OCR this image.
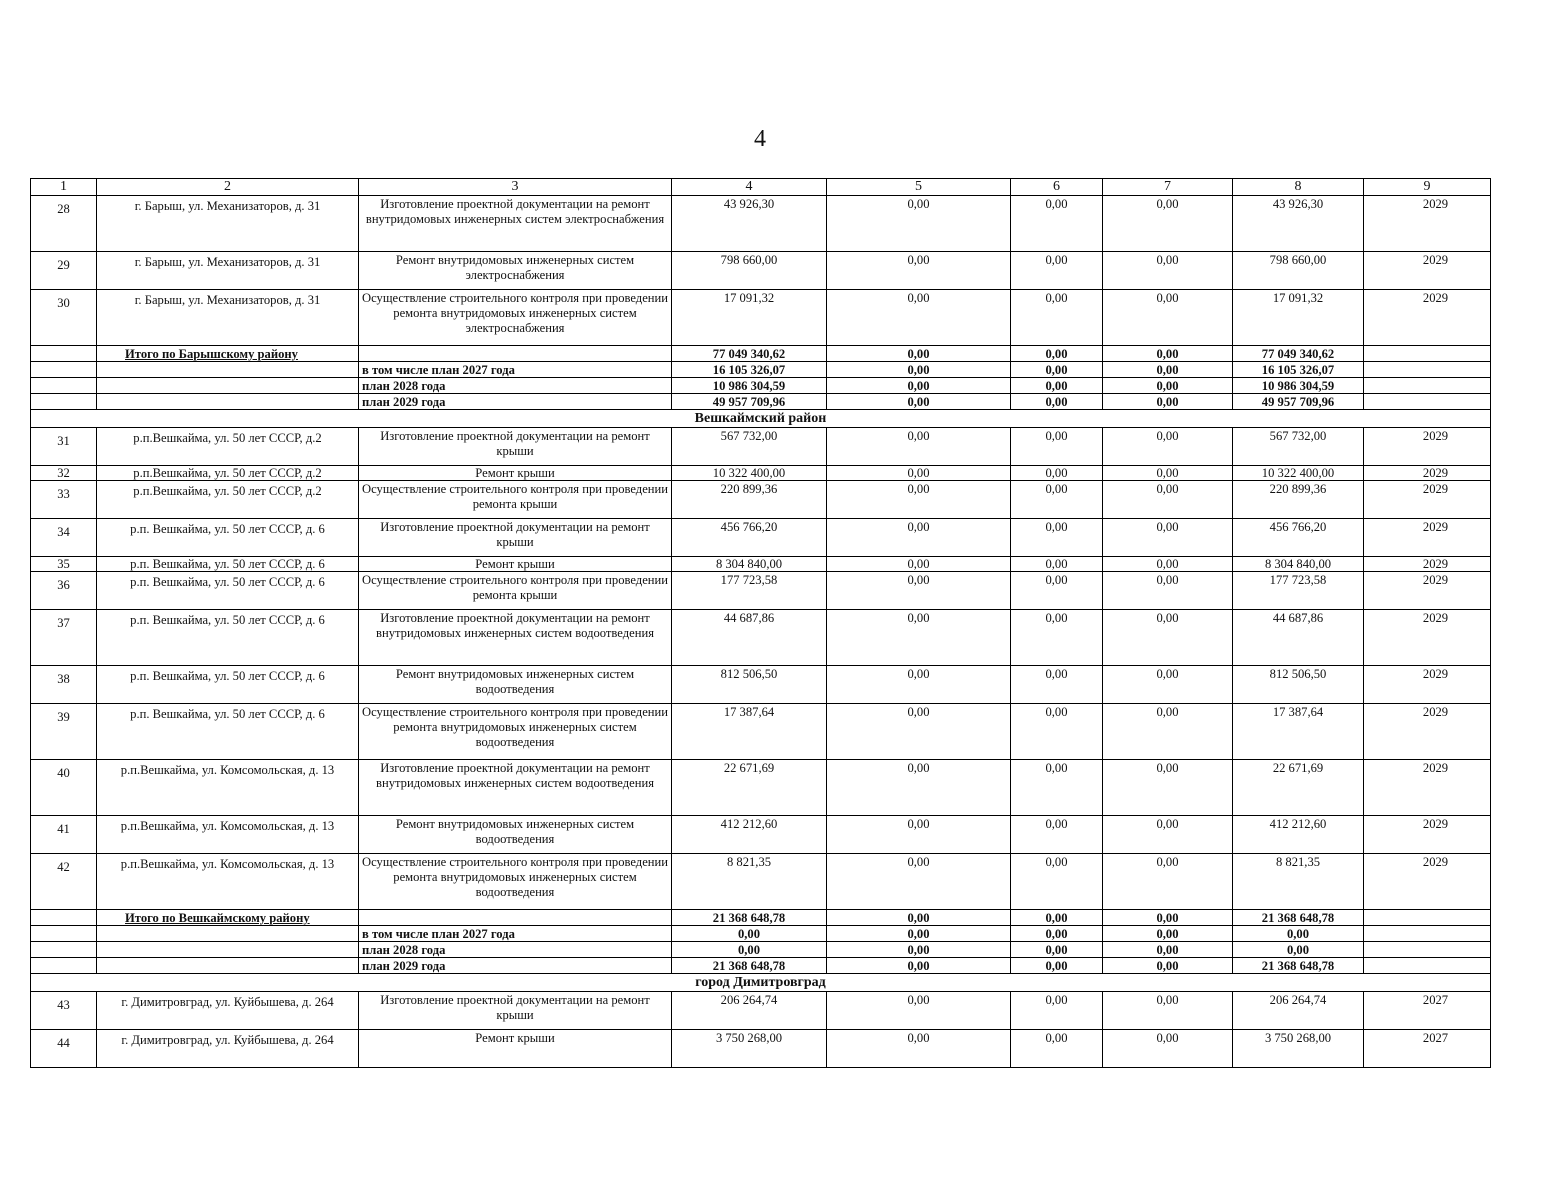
4
1	2	3	4	5	6	7	8	9
28	г. Барыш, ул. Механизаторов, д. 31	Изготовление проектной документации на ремонт внутридомовых инженерных систем электроснабжения	43 926,30	0,00	0,00	0,00	43 926,30	2029
29	г. Барыш, ул. Механизаторов, д. 31	Ремонт внутридомовых инженерных систем электроснабжения	798 660,00	0,00	0,00	0,00	798 660,00	2029
30	г. Барыш, ул. Механизаторов, д. 31	Осуществление строительного контроля при проведении ремонта внутридомовых инженерных систем электроснабжения	17 091,32	0,00	0,00	0,00	17 091,32	2029
	Итого по Барышскому району		77 049 340,62	0,00	0,00	0,00	77 049 340,62	
		в том числе план 2027 года	16 105 326,07	0,00	0,00	0,00	16 105 326,07	
		план 2028 года	10 986 304,59	0,00	0,00	0,00	10 986 304,59	
		план 2029 года	49 957 709,96	0,00	0,00	0,00	49 957 709,96	
Вешкаймский район								
31	р.п.Вешкайма, ул. 50 лет СССР, д.2	Изготовление проектной документации на ремонт крыши	567 732,00	0,00	0,00	0,00	567 732,00	2029
32	р.п.Вешкайма, ул. 50 лет СССР, д.2	Ремонт крыши	10 322 400,00	0,00	0,00	0,00	10 322 400,00	2029
33	р.п.Вешкайма, ул. 50 лет СССР, д.2	Осуществление строительного контроля при проведении ремонта крыши	220 899,36	0,00	0,00	0,00	220 899,36	2029
34	р.п. Вешкайма, ул. 50 лет СССР, д. 6	Изготовление проектной документации на ремонт крыши	456 766,20	0,00	0,00	0,00	456 766,20	2029
35	р.п. Вешкайма, ул. 50 лет СССР, д. 6	Ремонт крыши	8 304 840,00	0,00	0,00	0,00	8 304 840,00	2029
36	р.п. Вешкайма, ул. 50 лет СССР, д. 6	Осуществление строительного контроля при проведении ремонта крыши	177 723,58	0,00	0,00	0,00	177 723,58	2029
37	р.п. Вешкайма, ул. 50 лет СССР, д. 6	Изготовление проектной документации на ремонт внутридомовых инженерных систем водоотведения	44 687,86	0,00	0,00	0,00	44 687,86	2029
38	р.п. Вешкайма, ул. 50 лет СССР, д. 6	Ремонт внутридомовых инженерных систем водоотведения	812 506,50	0,00	0,00	0,00	812 506,50	2029
39	р.п. Вешкайма, ул. 50 лет СССР, д. 6	Осуществление строительного контроля при проведении ремонта внутридомовых инженерных систем водоотведения	17 387,64	0,00	0,00	0,00	17 387,64	2029
40	р.п.Вешкайма, ул. Комсомольская, д. 13	Изготовление проектной документации на ремонт внутридомовых инженерных систем водоотведения	22 671,69	0,00	0,00	0,00	22 671,69	2029
41	р.п.Вешкайма, ул. Комсомольская, д. 13	Ремонт внутридомовых инженерных систем водоотведения	412 212,60	0,00	0,00	0,00	412 212,60	2029
42	р.п.Вешкайма, ул. Комсомольская, д. 13	Осуществление строительного контроля при проведении ремонта внутридомовых инженерных систем водоотведения	8 821,35	0,00	0,00	0,00	8 821,35	2029
	Итого по Вешкаймскому району		21 368 648,78	0,00	0,00	0,00	21 368 648,78	
		в том числе план 2027 года	0,00	0,00	0,00	0,00	0,00	
		план 2028 года	0,00	0,00	0,00	0,00	0,00	
		план 2029 года	21 368 648,78	0,00	0,00	0,00	21 368 648,78	
город Димитровград								
43	г. Димитровград, ул. Куйбышева, д. 264	Изготовление проектной документации на ремонт крыши	206 264,74	0,00	0,00	0,00	206 264,74	2027
44	г. Димитровград, ул. Куйбышева, д. 264	Ремонт крыши	3 750 268,00	0,00	0,00	0,00	3 750 268,00	2027
